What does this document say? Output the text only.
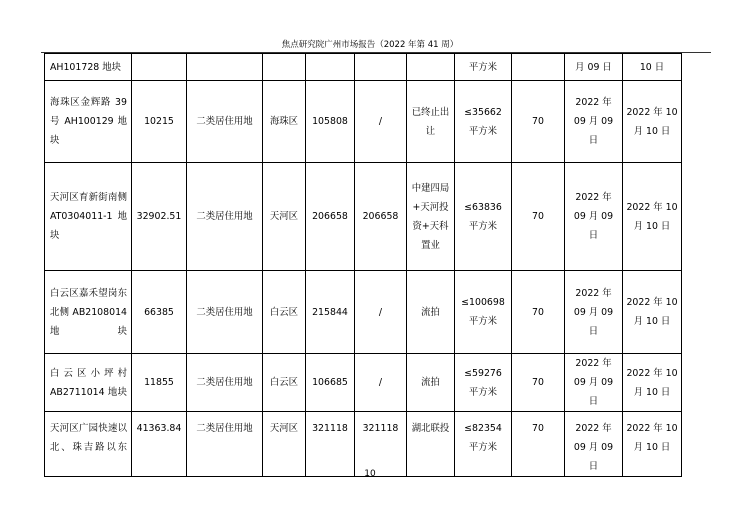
焦点研究院广州市场报告（2022 年第 41 周）
AH101728 地块							平方米		月 09 日	10 日
海珠区金辉路 39 号 AH100129 地块	10215	二类居住用地	海珠区	105808	/	已终止出让	≤35662 平方米	70	2022 年 09 月 09 日	2022 年 10 月 10 日
天河区育新街南侧 AT0304011-1 地块	32902.51	二类居住用地	天河区	206658	206658	中建四局+天河投资+天科置业	≤63836 平方米	70	2022 年 09 月 09 日	2022 年 10 月 10 日
白云区嘉禾望岗东北侧 AB2108014 地块	66385	二类居住用地	白云区	215844	/	流拍	≤100698 平方米	70	2022 年 09 月 09 日	2022 年 10 月 10 日
白云区小坪村 AB2711014 地块	11855	二类居住用地	白云区	106685	/	流拍	≤59276 平方米	70	2022 年 09 月 09 日	2022 年 10 月 10 日

天河区广园快速以北、珠吉路以东	41363.84	二类居住用地	天河区	321118	321118	湖北联投	≤82354 平方米	70	2022 年 09 月 09 日	2022 年 10 月 10 日
10
